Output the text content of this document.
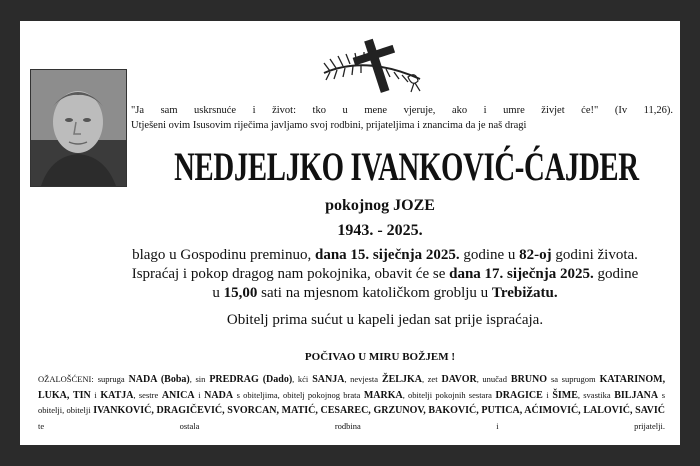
"Ja sam uskrsnuće i život: tko u mene vjeruje, ako i umre živjet će!" (Iv 11,26).
Utješeni ovim Isusovim riječima javljamo svoj rodbini, prijateljima i znancima da je naš dragi
NEDJELJKO IVANKOVIĆ-ĆAJDER
pokojnog JOZE
1943. - 2025.

blago u Gospodinu preminuo, dana 15. siječnja 2025. godine u 82-oj godini života.

Ispraćaj i pokop dragog nam pokojnika, obavit će se dana 17. siječnja 2025. godine
u 15,00 sati na mjesnom katoličkom groblju u Trebižatu.

Obitelj prima sućut u kapeli jedan sat prije ispraćaja.

POČIVAO U MIRU BOŽJEM !
OŽALOŠĆENI: supruga NADA (Boba), sin PREDRAG (Dado), kći SANJA, nevjesta ŽELJKA, zet DAVOR, unučad BRUNO sa suprugom KATARINOM, LUKA, TIN i KATJA, sestre ANICA i NADA s obiteljima, obitelj pokojnog brata MARKA, obitelji pokojnih sestara DRAGICE i ŠIME, svastika BILJANA s obitelji, obitelji IVANKOVIĆ, DRAGIČEVIĆ, SVORCAN, MATIĆ, CESAREC, GRZUNOV, BAKOVIĆ, PUTICA, AĆIMOVIĆ, LALOVIĆ, SAVIĆ te ostala rodbina i prijatelji.
